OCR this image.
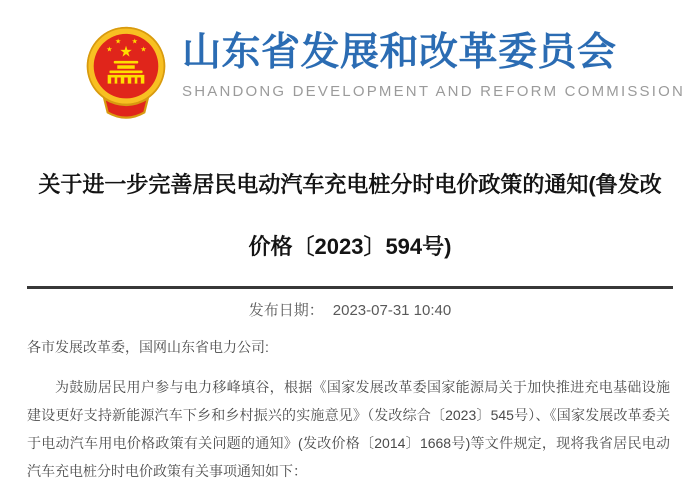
★
★
★ ★
★ 山东省发展和改革委员会
SHANDONG DEVELOPMENT AND REFORM COMMISSION
关于进一步完善居民电动汽车充电桩分时电价政策的通知(鲁发改价格〔2023〕594号)
发布日期： 2023-07-31 10:40
各市发展改革委，国网山东省电力公司:

为鼓励居民用户参与电力移峰填谷，根据《国家发展改革委国家能源局关于加快推进充电基础设施建设更好支持新能源汽车下乡和乡村振兴的实施意见》（发改综合〔2023〕545号）、《国家发展改革委关于电动汽车用电价格政策有关问题的通知》(发改价格〔2014〕1668号)等文件规定，现将我省居民电动汽车充电桩分时电价政策有关事项通知如下：
